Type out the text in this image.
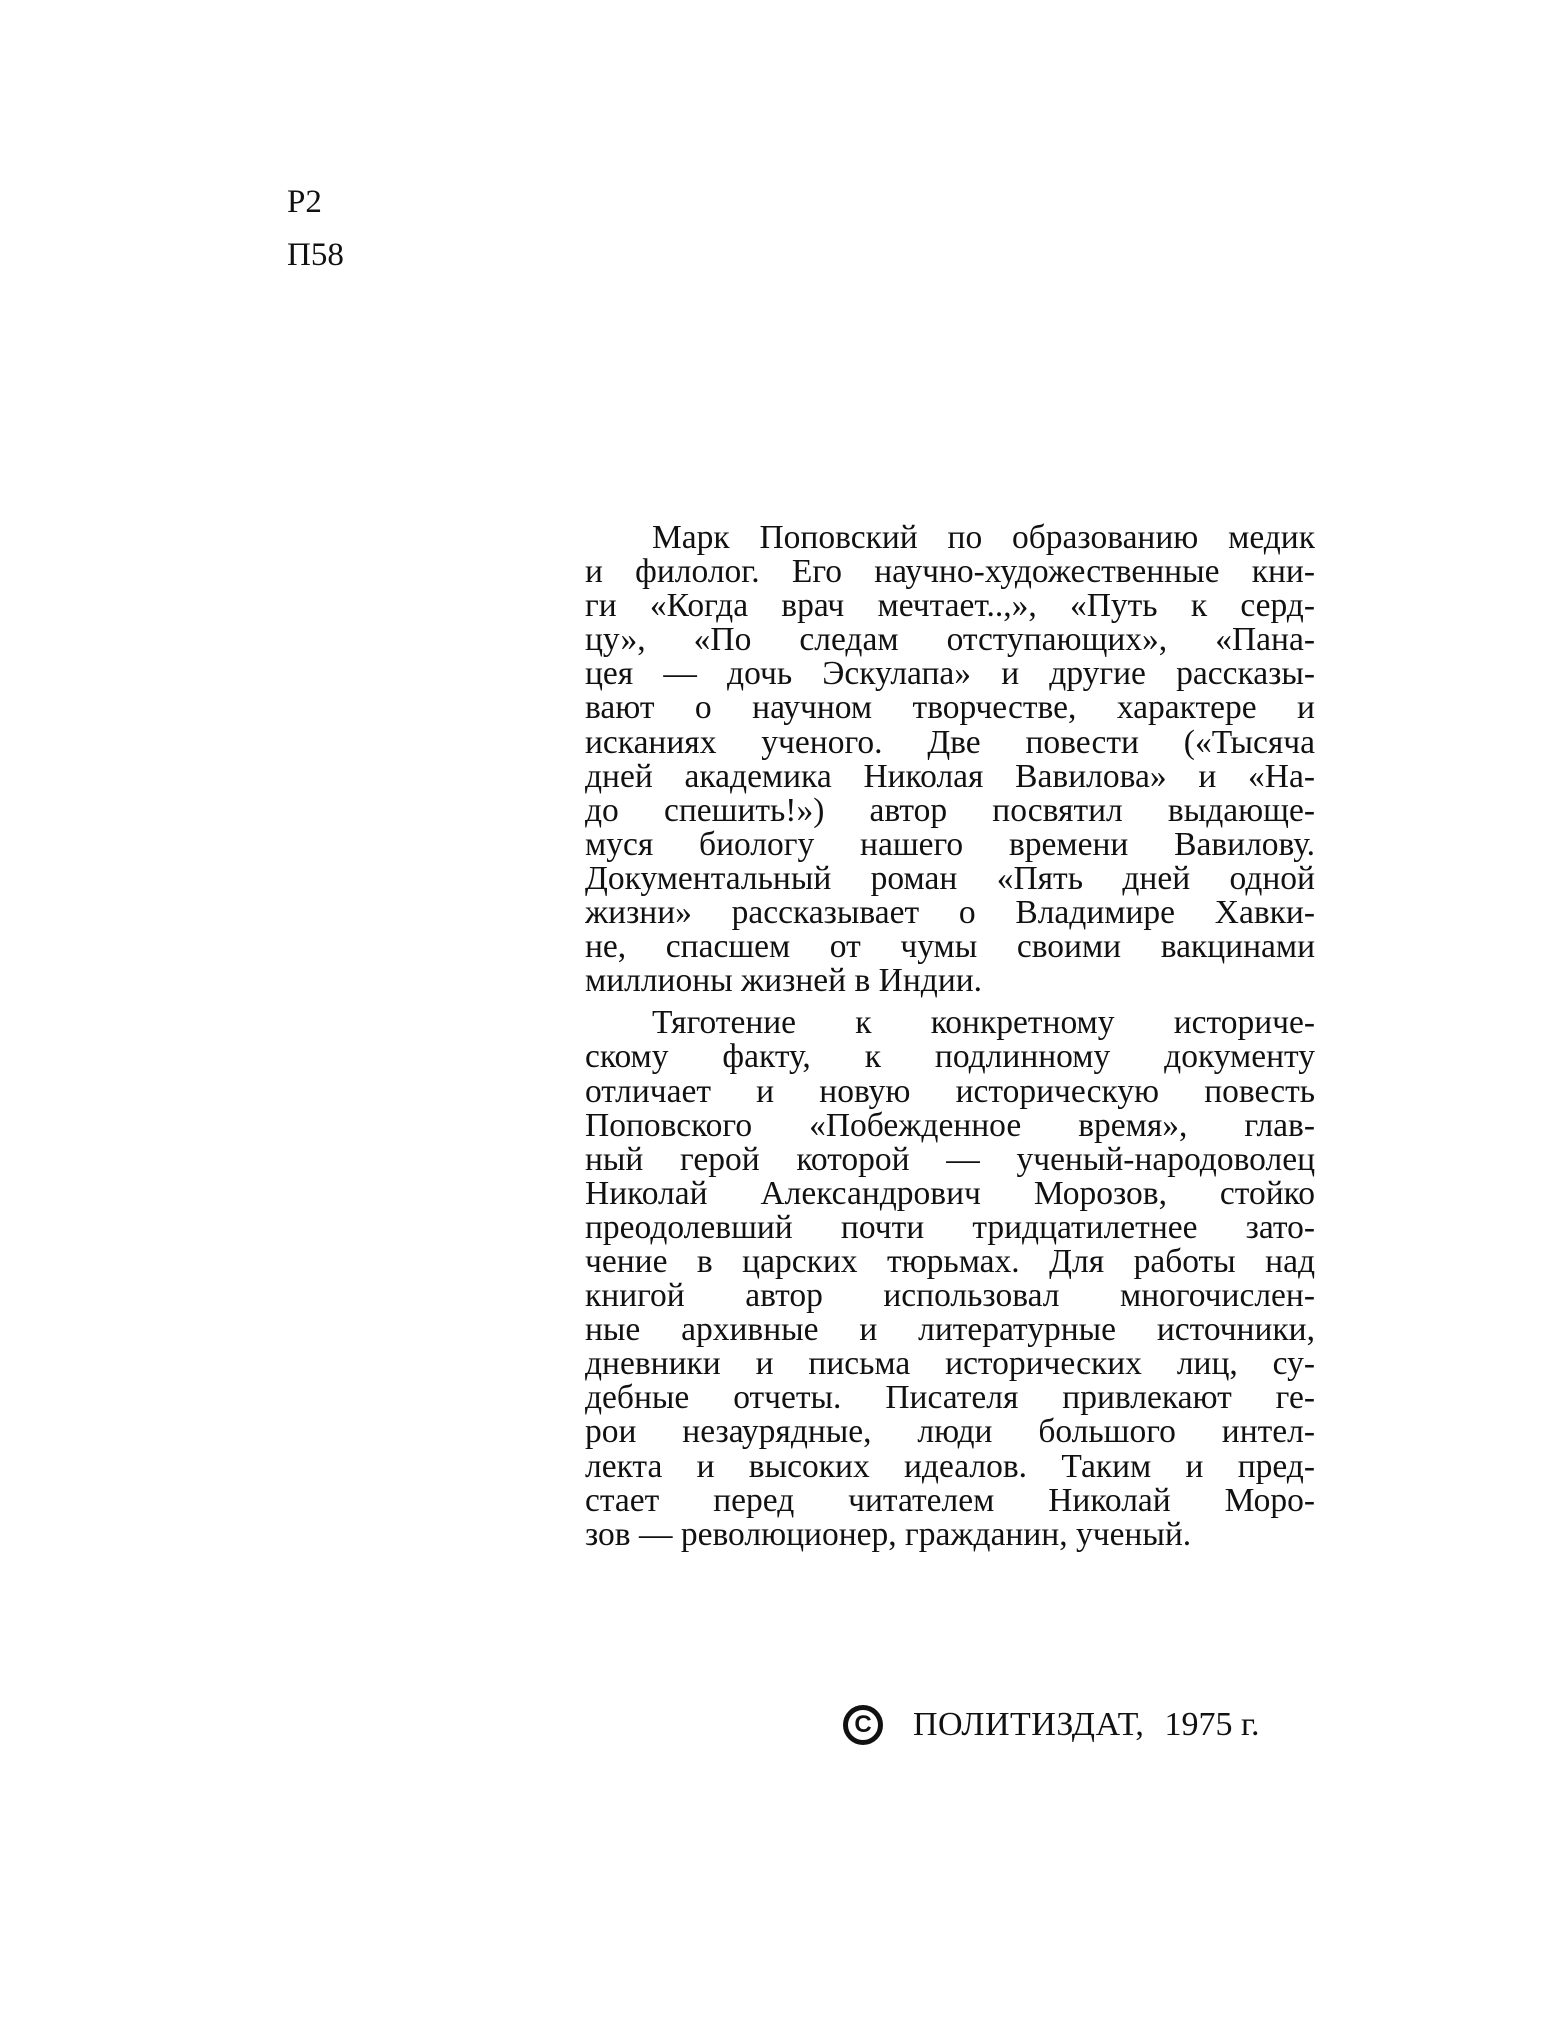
Р2
П58
Марк Поповский по образованию медик
и филолог. Его научно-художественные кни-
ги «Когда врач мечтает..,», «Путь к серд-
цу», «По следам отступающих», «Пана-
цея — дочь Эскулапа» и другие рассказы-
вают о научном творчестве, характере и
исканиях ученого. Две повести («Тысяча
дней академика Николая Вавилова» и «На-
до спешить!») автор посвятил выдающе-
муся биологу нашего времени Вавилову.
Документальный роман «Пять дней одной
жизни» рассказывает о Владимире Хавки-
не, спасшем от чумы своими вакцинами
миллионы жизней в Индии.
Тяготение к конкретному историче-
скому факту, к подлинному документу
отличает и новую историческую повесть
Поповского «Побежденное время», глав-
ный герой которой — ученый-народоволец
Николай Александрович Морозов, стойко
преодолевший почти тридцатилетнее зато-
чение в царских тюрьмах. Для работы над
книгой автор использовал многочислен-
ные архивные и литературные источники,
дневники и письма исторических лиц, су-
дебные отчеты. Писателя привлекают ге-
рои незаурядные, люди большого интел-
лекта и высоких идеалов. Таким и пред-
стает перед читателем Николай Моро-
зов — революционер, гражданин, ученый.
C	ПОЛИТИЗДАТ, 1975 г.
